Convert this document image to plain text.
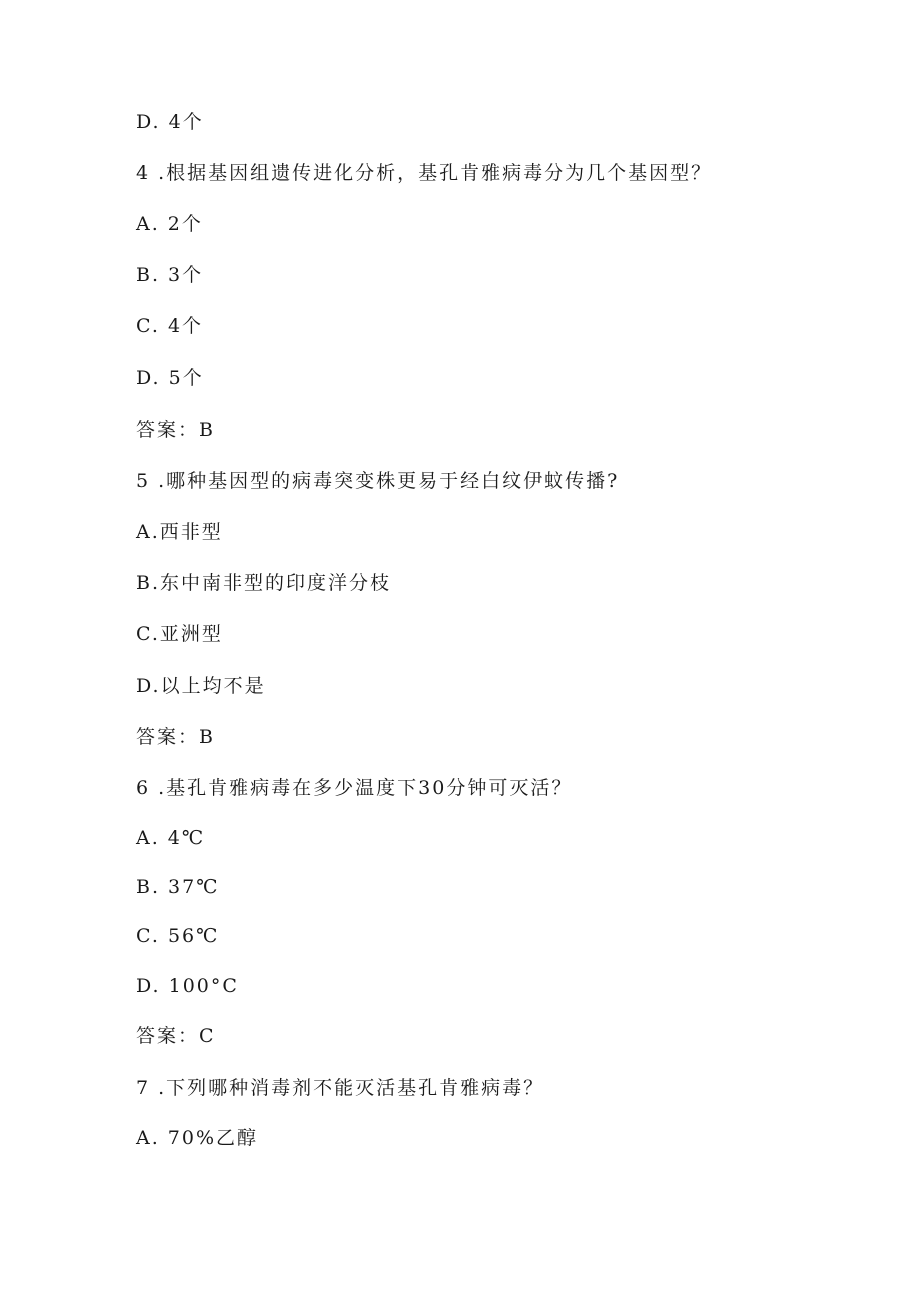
D. 4个
4 .根据基因组遗传进化分析，基孔肯雅病毒分为几个基因型？
A. 2个
B. 3个
C. 4个
D. 5个
答案：B
5 .哪种基因型的病毒突变株更易于经白纹伊蚊传播?
A.西非型
B.东中南非型的印度洋分枝
C.亚洲型
D.以上均不是
答案：B
6 .基孔肯雅病毒在多少温度下30分钟可灭活？
A. 4℃
B. 37℃
C. 56℃
D. 100°C
答案：C
7 .下列哪种消毒剂不能灭活基孔肯雅病毒？
A. 70%乙醇
